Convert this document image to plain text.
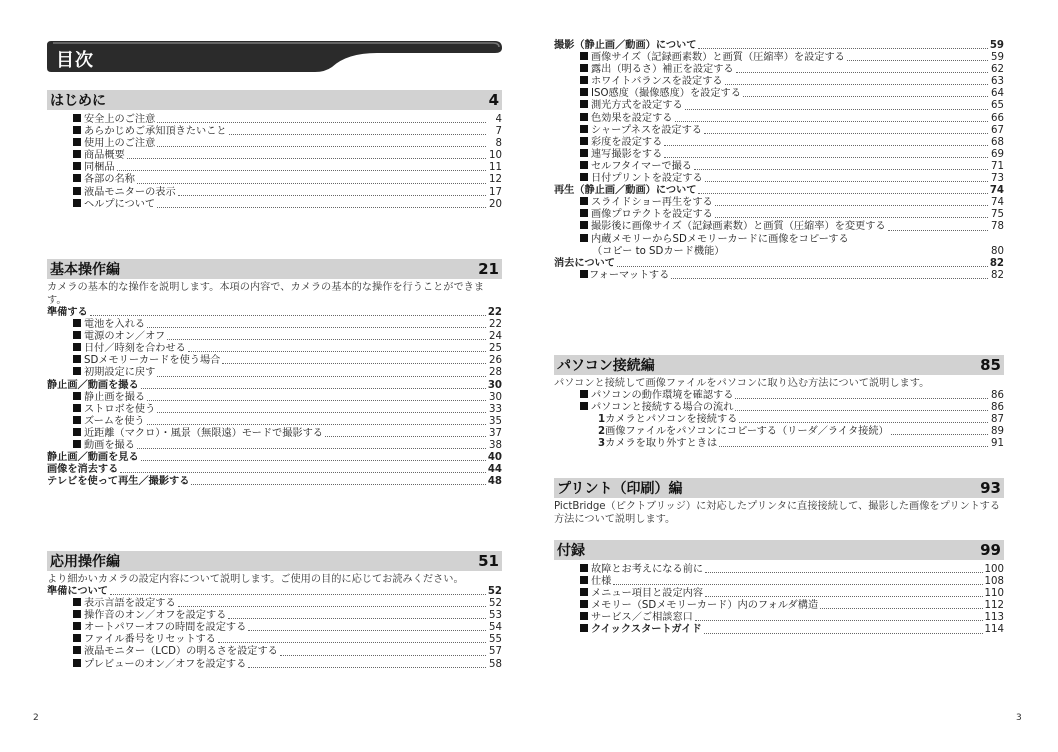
目次
はじめに	4
安全上のご注意	4
あらかじめご承知頂きたいこと	7
使用上のご注意	8
商品概要	10
同梱品	11
各部の名称	12
液晶モニターの表示	17
ヘルプについて	20
基本操作編	21

カメラの基本的な操作を説明します。本項の内容で、カメラの基本的な操作を行うことができます。

準備する	22
電池を入れる	22
電源のオン／オフ	24
日付／時刻を合わせる	25
SDメモリーカードを使う場合	26
初期設定に戻す	28
静止画／動画を撮る	30
静止画を撮る	30
ストロボを使う	33
ズームを使う	35
近距離（マクロ）・風景（無限遠）モードで撮影する	37
動画を撮る	38
静止画／動画を見る	40
画像を消去する	44
テレビを使って再生／撮影する	48
応用操作編	51

より細かいカメラの設定内容について説明します。ご使用の目的に応じてお読みください。

準備について	52
表示言語を設定する	52
操作音のオン／オフを設定する	53
オートパワーオフの時間を設定する	54
ファイル番号をリセットする	55
液晶モニター（LCD）の明るさを設定する	57
プレビューのオン／オフを設定する	58
撮影（静止画／動画）について	59
画像サイズ（記録画素数）と画質（圧縮率）を設定する	59
露出（明るさ）補正を設定する	62
ホワイトバランスを設定する	63
ISO感度（撮像感度）を設定する	64
測光方式を設定する	65
色効果を設定する	66
シャープネスを設定する	67
彩度を設定する	68
連写撮影をする	69
セルフタイマーで撮る	71
日付プリントを設定する	73
再生（静止画／動画）について	74
スライドショー再生をする	74
画像プロテクトを設定する	75
撮影後に画像サイズ（記録画素数）と画質（圧縮率）を変更する	78
内蔵メモリーからSDメモリーカードに画像をコピーする
（コピー to SDカード機能）	80
消去について	82
フォーマットする	82
パソコン接続編	85

パソコンと接続して画像ファイルをパソコンに取り込む方法について説明します。

パソコンの動作環境を確認する	86
パソコンと接続する場合の流れ	86
1カメラとパソコンを接続する	87
2画像ファイルをパソコンにコピーする（リーダ／ライタ接続）	89
3カメラを取り外すときは	91
プリント（印刷）編	93

PictBridge（ピクトブリッジ）に対応したプリンタに直接接続して、撮影した画像をプリントする方法について説明します。

付録	99
故障とお考えになる前に	100
仕様	108
メニュー項目と設定内容	110
メモリー（SDメモリーカード）内のフォルダ構造	112
サービス／ご相談窓口	113
クイックスタートガイド	114
2	3
